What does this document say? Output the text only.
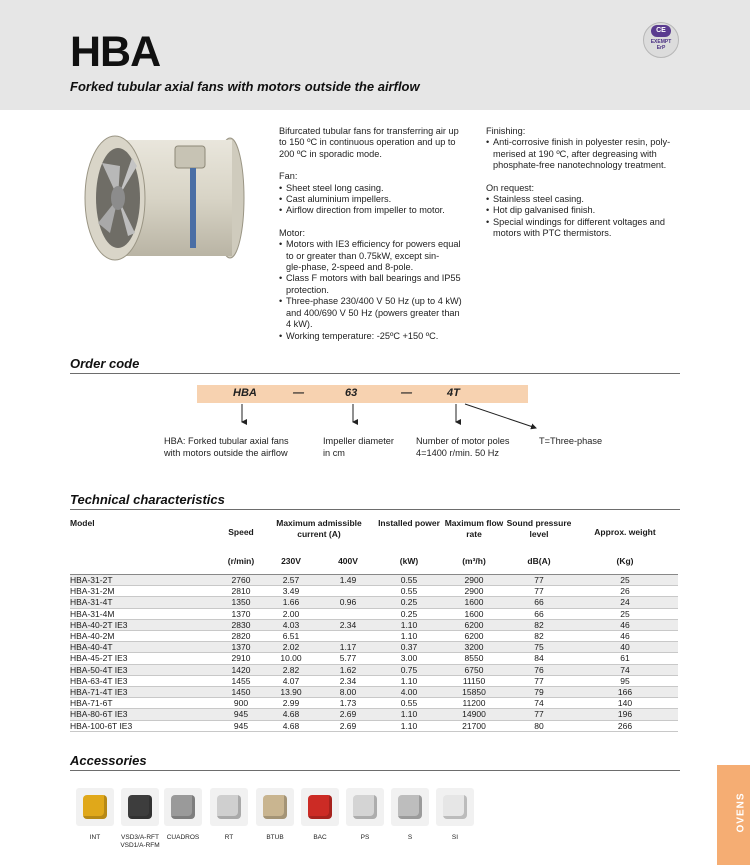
HBA
Forked tubular axial fans with motors outside the airflow
CE
EXEMPT
ErP

Bifurcated tubular fans for transferring air up

to 150 ºC in continuous operation and up to

200 ºC in sporadic mode.

Fan:

• Sheet steel long casing.
• Cast aluminium impellers.
• Airflow direction from impeller to motor.

Motor:

• Motors with IE3 efficiency for powers equal
to or greater than 0.75kW, except sin-
gle-phase, 2-speed and 8-pole.
• Class F motors with ball bearings and IP55
protection.
• Three-phase 230/400 V 50 Hz (up to 4 kW)
and 400/690 V 50 Hz (powers greater than
4 kW).
• Working temperature: -25ºC +150 ºC.

Finishing:

• Anti-corrosive finish in polyester resin, poly-
merised at 190 ºC, after degreasing with
phosphate-free nanotechnology treatment.

On request:

• Stainless steel casing.
• Hot dip galvanised finish.
• Special windings for different voltages and
motors with PTC thermistors.
Order code
HBA	—	63	—	4T
HBA: Forked tubular axial fans
with motors outside the airflow
Impeller diameter
in cm
Number of motor poles
4=1400 r/min. 50 Hz
T=Three-phase
Technical characteristics
Model	Speed	Maximum admissible current (A)		Installed power	Maximum flow rate	Sound pressure level	Approx. weight
	(r/min)	230V	400V	(kW)	(m³/h)	dB(A)	(Kg)

HBA-31-2T	2760	2.57	1.49	0.55	2900	77	25
HBA-31-2M	2810	3.49		0.55	2900	77	26
HBA-31-4T	1350	1.66	0.96	0.25	1600	66	24
HBA-31-4M	1370	2.00		0.25	1600	66	25
HBA-40-2T IE3	2830	4.03	2.34	1.10	6200	82	46
HBA-40-2M	2820	6.51		1.10	6200	82	46
HBA-40-4T	1370	2.02	1.17	0.37	3200	75	40
HBA-45-2T IE3	2910	10.00	5.77	3.00	8550	84	61
HBA-50-4T IE3	1420	2.82	1.62	0.75	6750	76	74
HBA-63-4T IE3	1455	4.07	2.34	1.10	11150	77	95
HBA-71-4T IE3	1450	13.90	8.00	4.00	15850	79	166
HBA-71-6T	900	2.99	1.73	0.55	11200	74	140
HBA-80-6T IE3	945	4.68	2.69	1.10	14900	77	196
HBA-100-6T IE3	945	4.68	2.69	1.10	21700	80	266
Accessories
INT	VSD3/A-RFT
VSD1/A-RFM
CUADROS	RT	BTUB	BAC	PS	S	SI
OVENS
